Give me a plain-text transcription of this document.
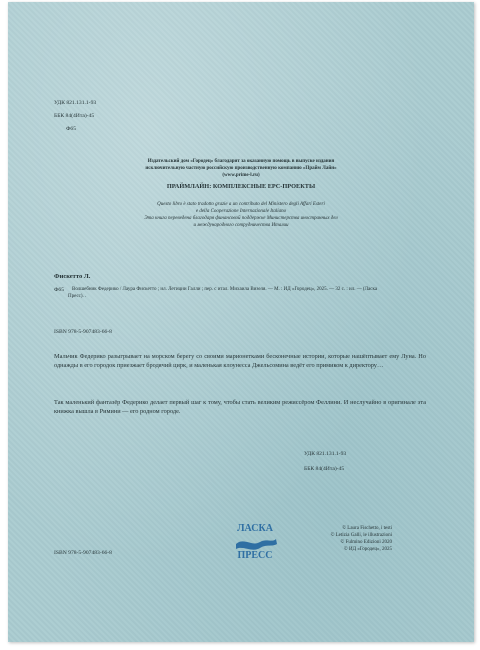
УДК 821.131.1-93
ББК 84(4Ита)-45
Ф65
Издательский дом «Городец» благодарит за оказанную помощь в выпуске издания
исключительную частную российскую производственную компанию «Прайм Лайн»
(www.prime-l.ru)
ПРАЙМЛАЙН: КОМПЛЕКСНЫЕ EPC-ПРОЕКТЫ
Questo libro è stato tradotto grazie a un contributo del Ministero degli Affari Esteri
e della Cooperazione Internazionale Italiano
Эта книга переведена благодаря финансовой поддержке Министерства иностранных дел
и международного сотрудничества Италии
Фискетто Л.
Ф65	Волшебник Федерико / Лаура Фискетто ; ил. Летиции Галли ; пер. с итал. Михаила Визеля. — М. : ИД «Городец», 2025. — 32 с. : ил. — (Ласка Пресс). .
ISBN 978-5-907483-66-8
Мальчик Федерико разыгрывает на морском берегу со своими марионетками бесконечные истории, которые нашёптывает ему Луна. Но однажды в его городок приезжает бродячий цирк, и маленькая клоунесса Джельсомина ведёт его примиком к директору…
Так маленький фантазёр Федерико делает первый шаг к тому, чтобы стать великим режиссёром Феллини. И неслучайно в оригинале эта книжка вышла в Римини — его родном городе.
УДК 821.131.1-93
ББК 84(4Ита)-45
ЛАСКА
ПРЕСС
© Laura Fischetto, i testi
© Letizia Galli, le illustrazioni
© Fulmino Edizioni 2020
© ИД «Городец», 2025
ISBN 978-5-907483-66-8
